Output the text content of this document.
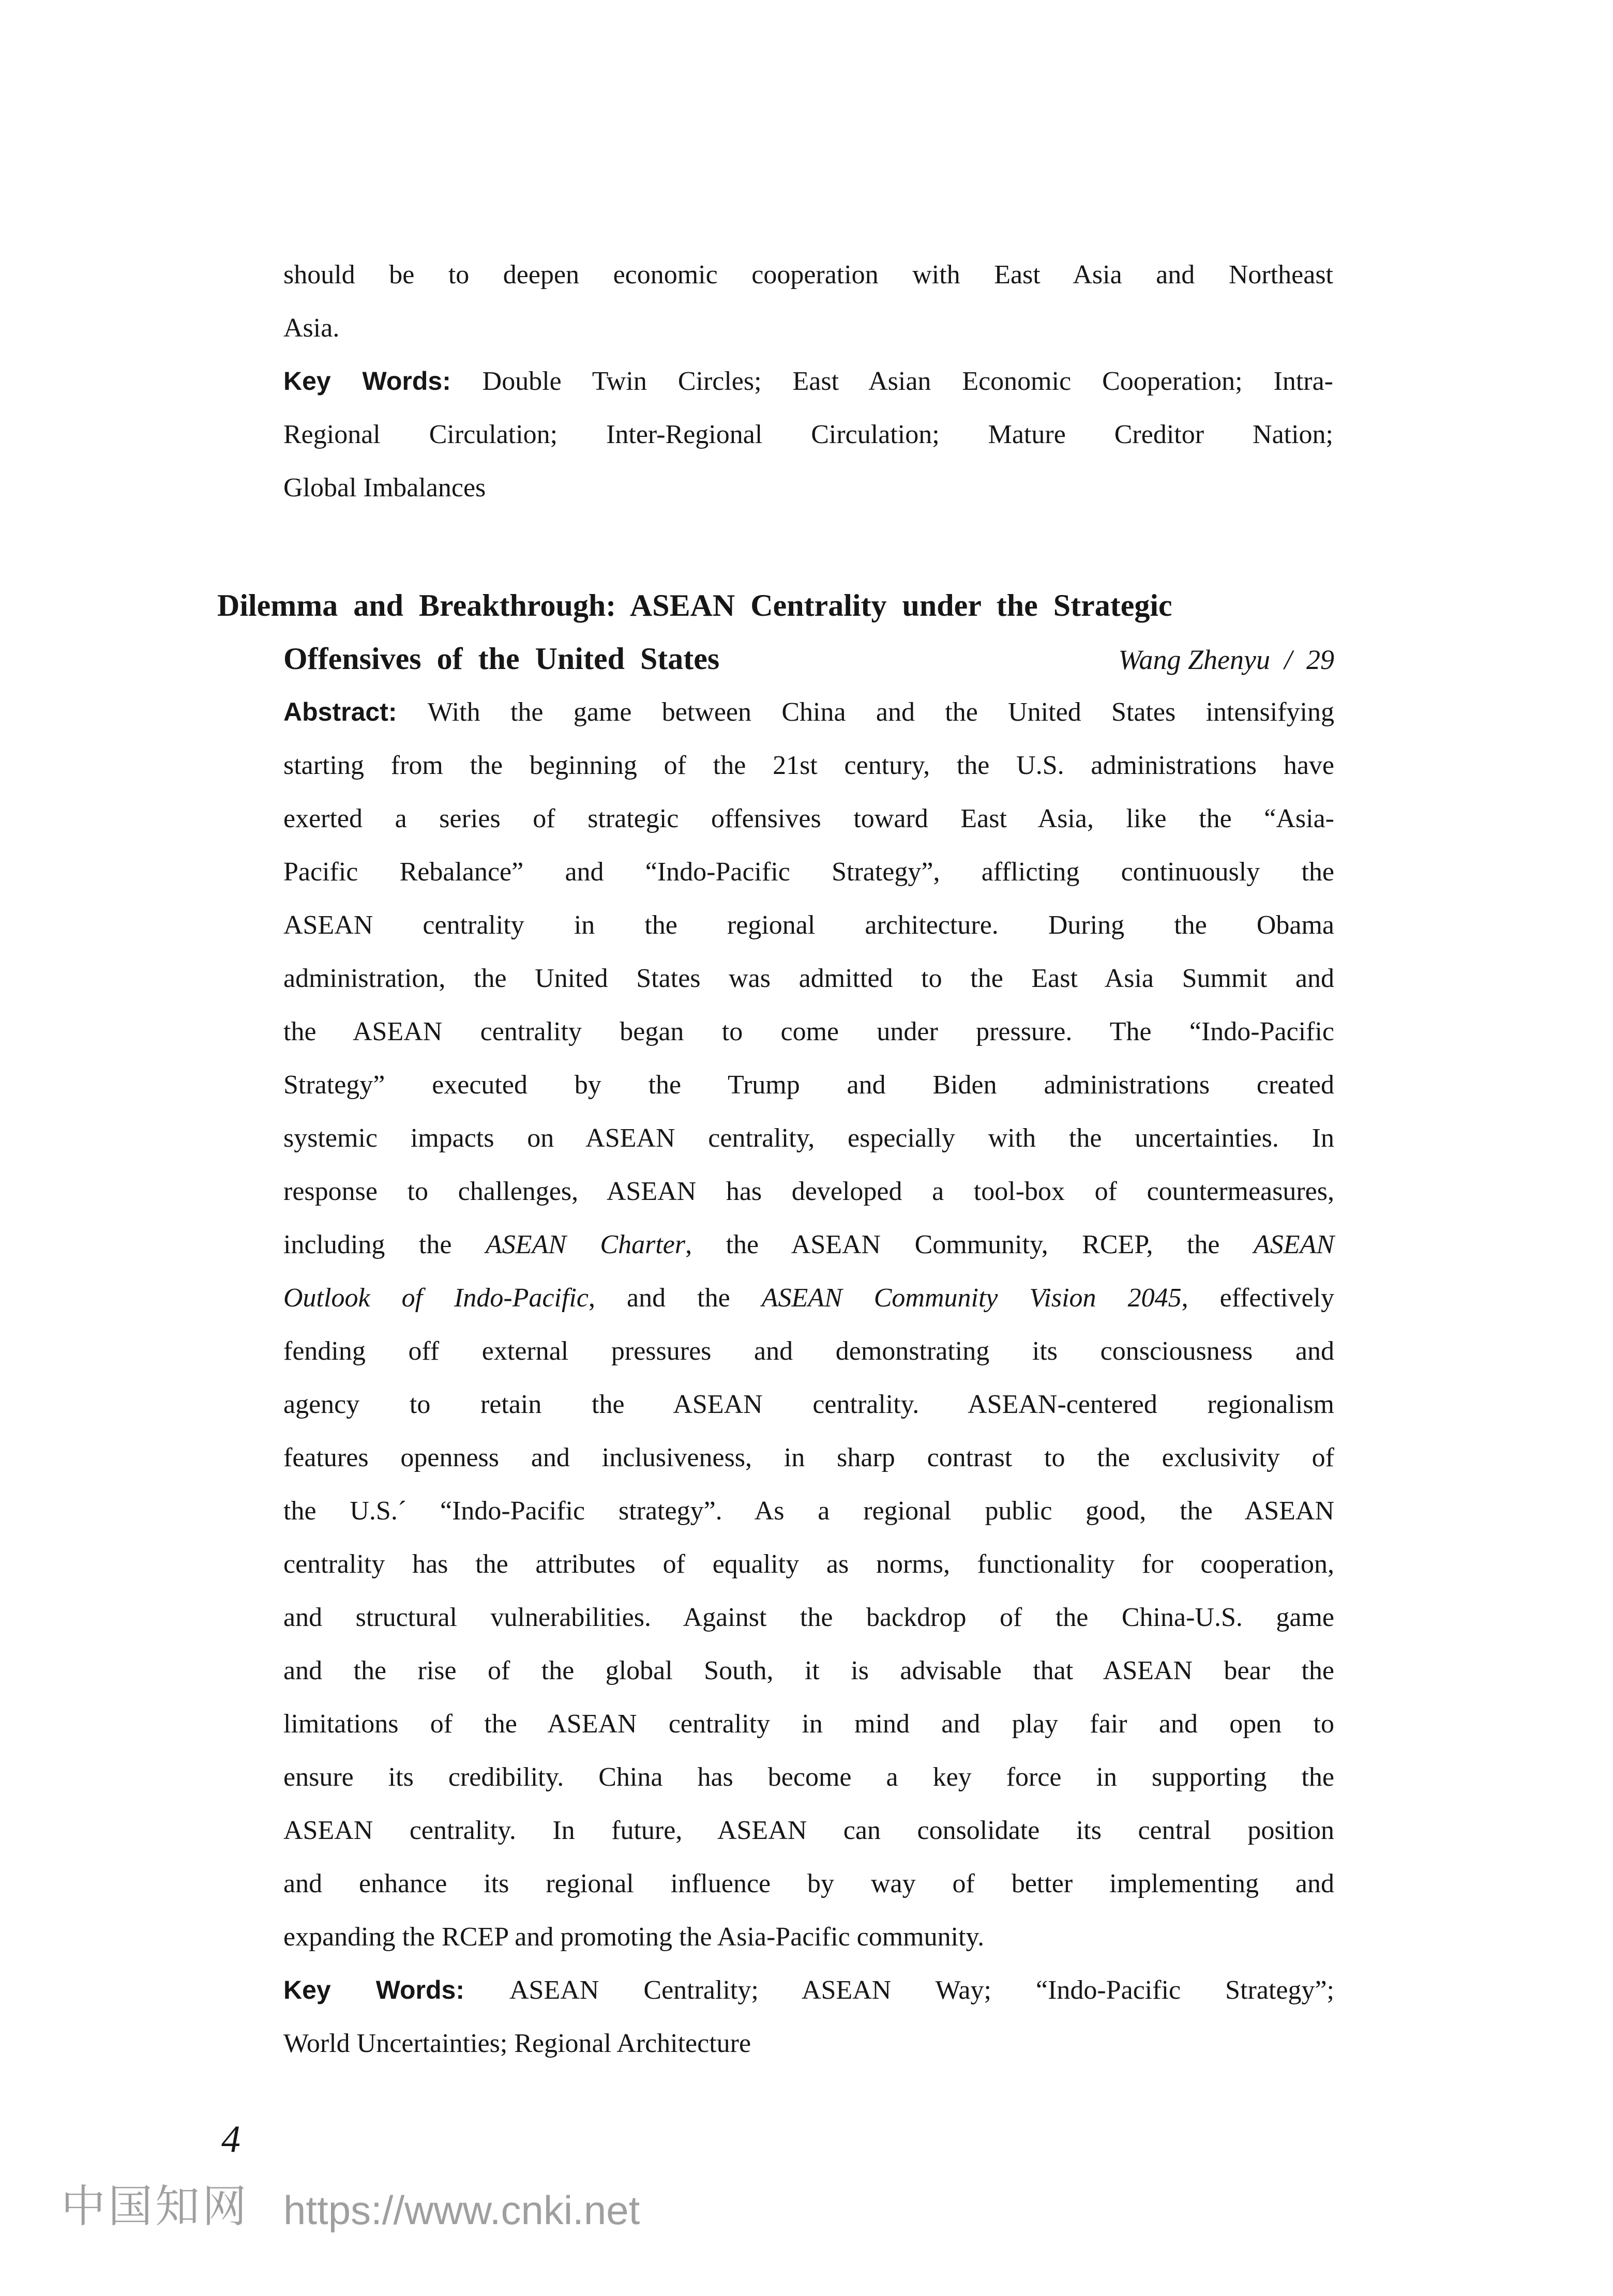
should be to deepen economic cooperation with East Asia and Northeast
Asia.
Key Words: Double Twin Circles; East Asian Economic Cooperation; Intra-
Regional Circulation; Inter-Regional Circulation; Mature Creditor Nation;
Global Imbalances
Dilemma and Breakthrough: ASEAN Centrality under the Strategic
Offensives of the United States	Wang Zhenyu / 29
Abstract: With the game between China and the United States intensifying
starting from the beginning of the 21st century, the U.S. administrations have
exerted a series of strategic offensives toward East Asia, like the “Asia-
Pacific Rebalance” and “Indo-Pacific Strategy”, afflicting continuously the
ASEAN centrality in the regional architecture. During the Obama
administration, the United States was admitted to the East Asia Summit and
the ASEAN centrality began to come under pressure. The “Indo-Pacific
Strategy” executed by the Trump and Biden administrations created
systemic impacts on ASEAN centrality, especially with the uncertainties. In
response to challenges, ASEAN has developed a tool-box of countermeasures,
including the ASEAN Charter, the ASEAN Community, RCEP, the ASEAN
Outlook of Indo-Pacific, and the ASEAN Community Vision 2045, effectively
fending off external pressures and demonstrating its consciousness and
agency to retain the ASEAN centrality. ASEAN-centered regionalism
features openness and inclusiveness, in sharp contrast to the exclusivity of
the U.S.´ “Indo-Pacific strategy”. As a regional public good, the ASEAN
centrality has the attributes of equality as norms, functionality for cooperation,
and structural vulnerabilities. Against the backdrop of the China-U.S. game
and the rise of the global South, it is advisable that ASEAN bear the
limitations of the ASEAN centrality in mind and play fair and open to
ensure its credibility. China has become a key force in supporting the
ASEAN centrality. In future, ASEAN can consolidate its central position
and enhance its regional influence by way of better implementing and
expanding the RCEP and promoting the Asia-Pacific community.
Key Words: ASEAN Centrality; ASEAN Way; “Indo-Pacific Strategy”;
World Uncertainties; Regional Architecture
4
中国知网 https://www.cnki.net
